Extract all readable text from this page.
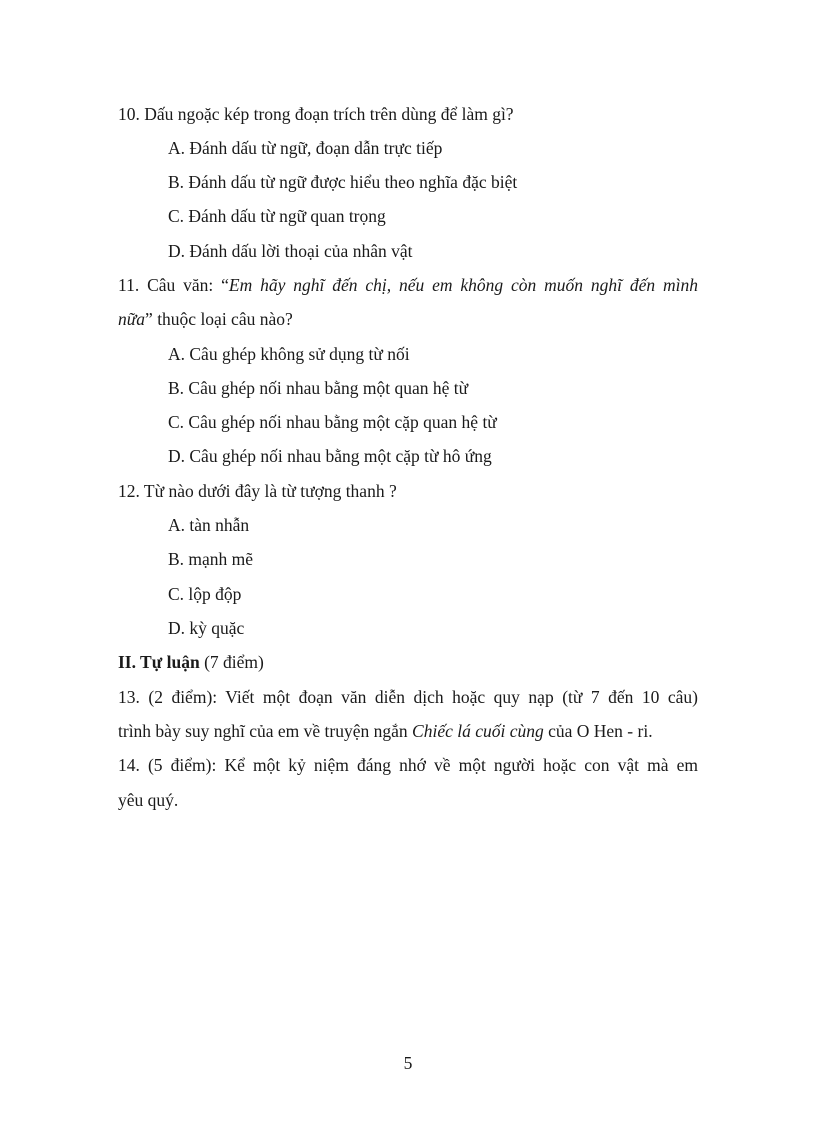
10. Dấu ngoặc kép trong đoạn trích trên dùng để làm gì?
A. Đánh dấu từ ngữ, đoạn dẫn trực tiếp
B. Đánh dấu từ ngữ được hiểu theo nghĩa đặc biệt
C. Đánh dấu từ ngữ quan trọng
D. Đánh dấu lời thoại của nhân vật
11. Câu văn: “Em hãy nghĩ đến chị, nếu em không còn muốn nghĩ đến mình
nữa” thuộc loại câu nào?
A. Câu ghép không sử dụng từ nối
B. Câu ghép nối nhau bằng một quan hệ từ
C. Câu ghép nối nhau bằng một cặp quan hệ từ
D. Câu ghép nối nhau bằng một cặp từ hô ứng
12. Từ nào dưới đây là từ tượng thanh ?
A. tàn nhẫn
B. mạnh mẽ
C. lộp độp
D. kỳ quặc
II. Tự luận (7 điểm)
13. (2 điểm): Viết một đoạn văn diễn dịch hoặc quy nạp (từ 7 đến 10 câu)
trình bày suy nghĩ của em về truyện ngắn Chiếc lá cuối cùng của O Hen - ri.
14. (5 điểm): Kể một kỷ niệm đáng nhớ về một người hoặc con vật mà em
yêu quý.
5
